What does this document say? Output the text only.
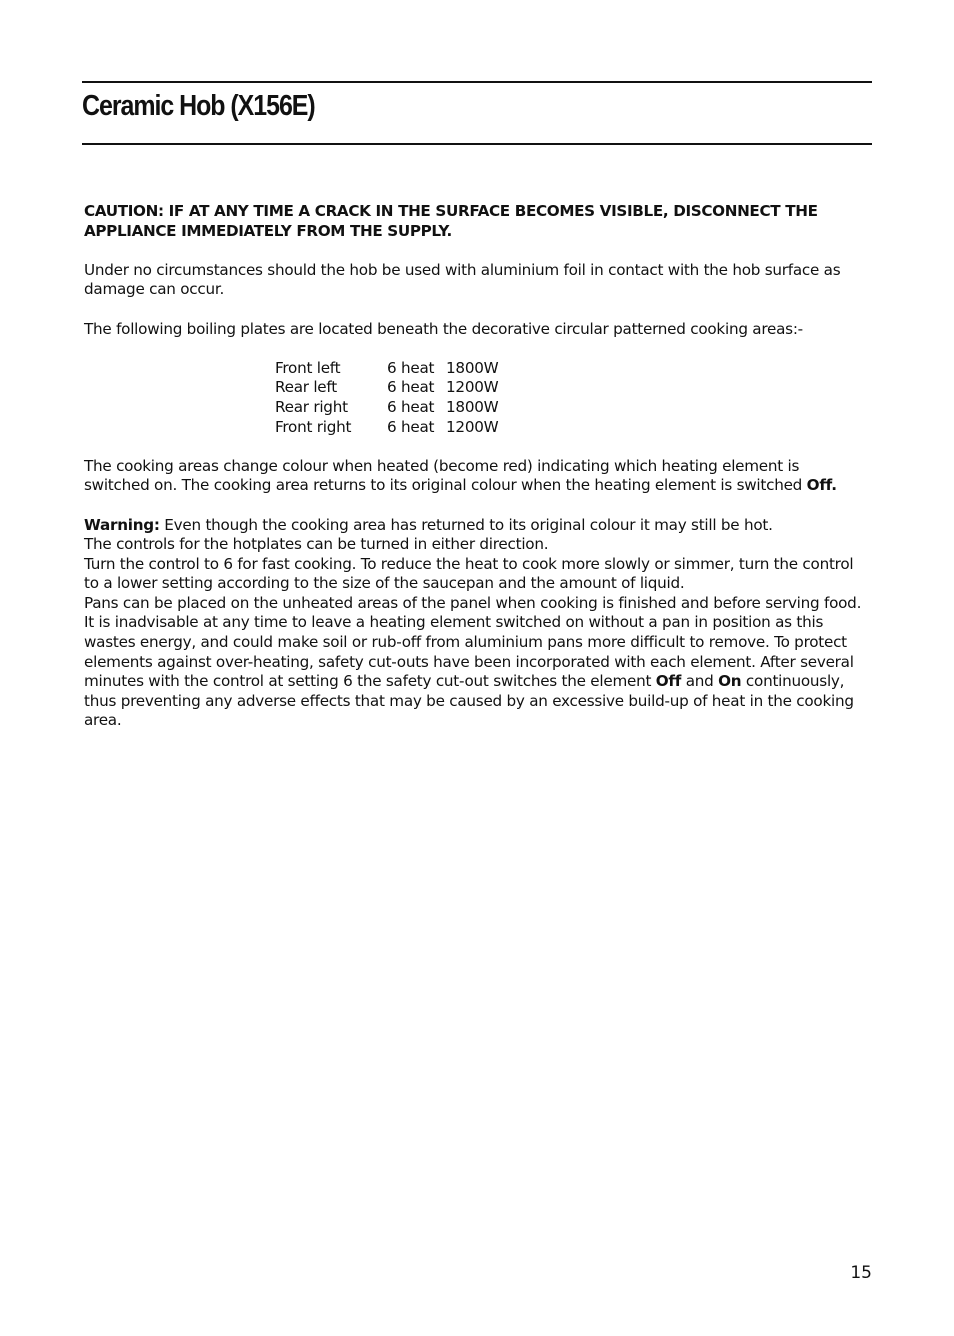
Ceramic Hob (X156E)

CAUTION: IF AT ANY TIME A CRACK IN THE SURFACE BECOMES VISIBLE, DISCONNECT THE APPLIANCE IMMEDIATELY FROM THE SUPPLY.

Under no circumstances should the hob be used with aluminium foil in contact with the hob surface as damage can occur.

The following boiling plates are located beneath the decorative circular patterned cooking areas:-

Front left	6 heat	1800W
Rear left	6 heat	1200W
Rear right	6 heat	1800W
Front right	6 heat	1200W

The cooking areas change colour when heated (become red) indicating which heating element is switched on. The cooking area returns to its original colour when the heating element is switched Off.

Warning: Even though the cooking area has returned to its original colour it may still be hot.
The controls for the hotplates can be turned in either direction.
Turn the control to 6 for fast cooking. To reduce the heat to cook more slowly or simmer, turn the control to a lower setting according to the size of the saucepan and the amount of liquid.
Pans can be placed on the unheated areas of the panel when cooking is finished and before serving food. It is inadvisable at any time to leave a heating element switched on without a pan in position as this wastes energy, and could make soil or rub-off from aluminium pans more difficult to remove. To protect elements against over-heating, safety cut-outs have been incorporated with each element. After several minutes with the control at setting 6 the safety cut-out switches the element Off and On continuously, thus preventing any adverse effects that may be caused by an excessive build-up of heat in the cooking area.
15
